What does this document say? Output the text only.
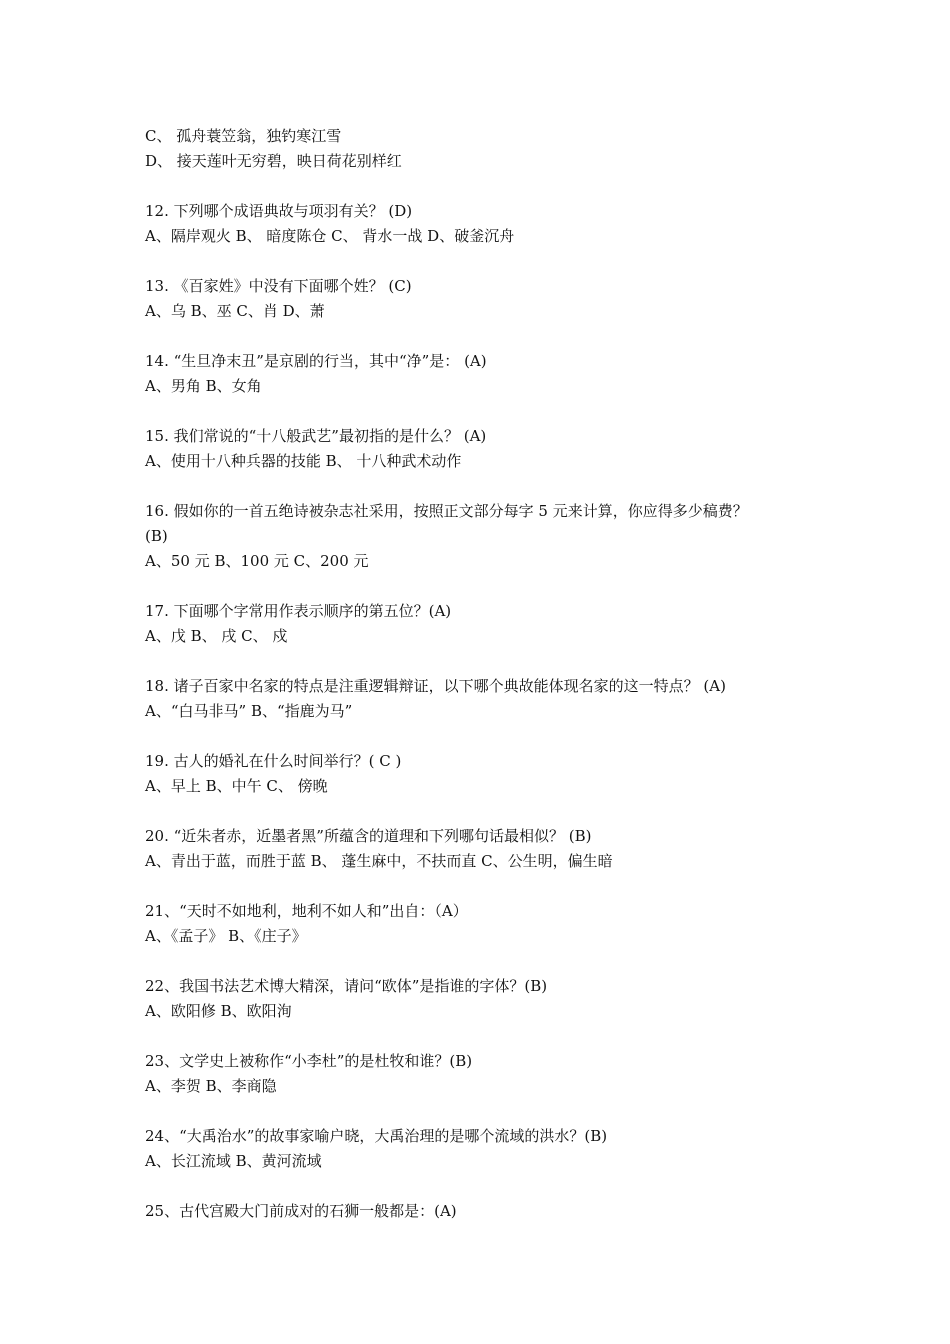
C、 孤舟蓑笠翁，独钓寒江雪
D、 接天莲叶无穷碧，映日荷花别样红
12. 下列哪个成语典故与项羽有关？ (D)
A、隔岸观火 B、 暗度陈仓 C、 背水一战 D、破釜沉舟
13. 《百家姓》中没有下面哪个姓？ (C)
A、乌 B、巫 C、肖 D、萧
14. “生旦净末丑”是京剧的行当，其中“净”是： (A)
A、男角 B、女角
15. 我们常说的“十八般武艺”最初指的是什么？ (A)
A、使用十八种兵器的技能 B、 十八种武术动作
16. 假如你的一首五绝诗被杂志社采用，按照正文部分每字 5 元来计算，你应得多少稿费？
(B)
A、50 元 B、100 元 C、200 元
17. 下面哪个字常用作表示顺序的第五位？(A)
A、戊 B、 戌 C、 戍
18. 诸子百家中名家的特点是注重逻辑辩证，以下哪个典故能体现名家的这一特点？ (A)
A、“白马非马” B、“指鹿为马”
19. 古人的婚礼在什么时间举行？( C )
A、早上 B、中午 C、 傍晚
20. “近朱者赤，近墨者黑”所蕴含的道理和下列哪句话最相似？ (B)
A、青出于蓝，而胜于蓝 B、 蓬生麻中，不扶而直 C、公生明，偏生暗
21、“天时不如地利，地利不如人和”出自：（A）
A、《孟子》 B、《庄子》
22、我国书法艺术博大精深，请问“欧体”是指谁的字体？(B)
A、欧阳修 B、欧阳洵
23、文学史上被称作“小李杜”的是杜牧和谁？(B)
A、李贺 B、李商隐
24、“大禹治水”的故事家喻户晓，大禹治理的是哪个流域的洪水？(B)
A、长江流域 B、黄河流域
25、古代宫殿大门前成对的石狮一般都是：(A)
